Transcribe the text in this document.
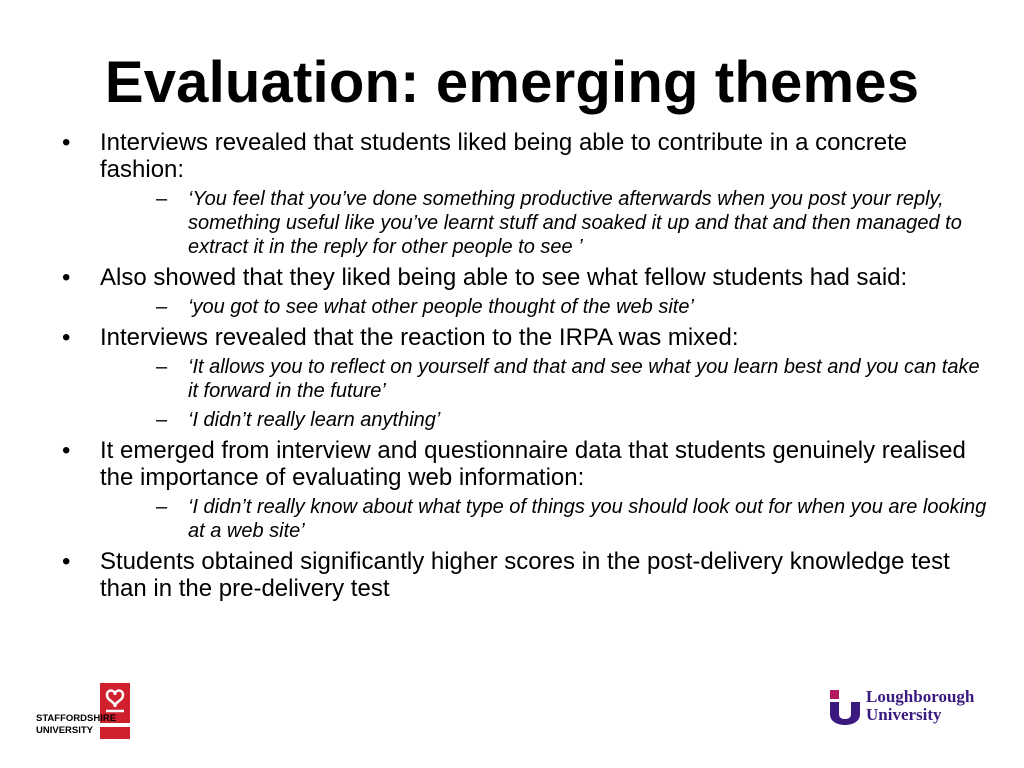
Evaluation: emerging themes
• Interviews revealed that students liked being able to contribute in a concrete fashion:
– ‘You feel that you’ve done something productive afterwards when you post your reply, something useful like you’ve learnt stuff and soaked it up and that and then managed to extract it in the reply for other people to see ’
• Also showed that they liked being able to see what fellow students had said:
– ‘you got to see what other people thought of the web site’
• Interviews revealed that the reaction to the IRPA was mixed:
– ‘It allows you to reflect on yourself and that and see what you learn best and you can take it forward in the future’
– ‘I didn’t really learn anything’
• It emerged from interview and questionnaire data that students genuinely realised the importance of evaluating web information:
– ‘I didn’t really know about what type of things you should look out for when you are looking at a web site’
• Students obtained significantly higher scores in the post-delivery knowledge test than in the pre-delivery test
STAFFORDSHIRE
UNIVERSITY
Loughborough
University
